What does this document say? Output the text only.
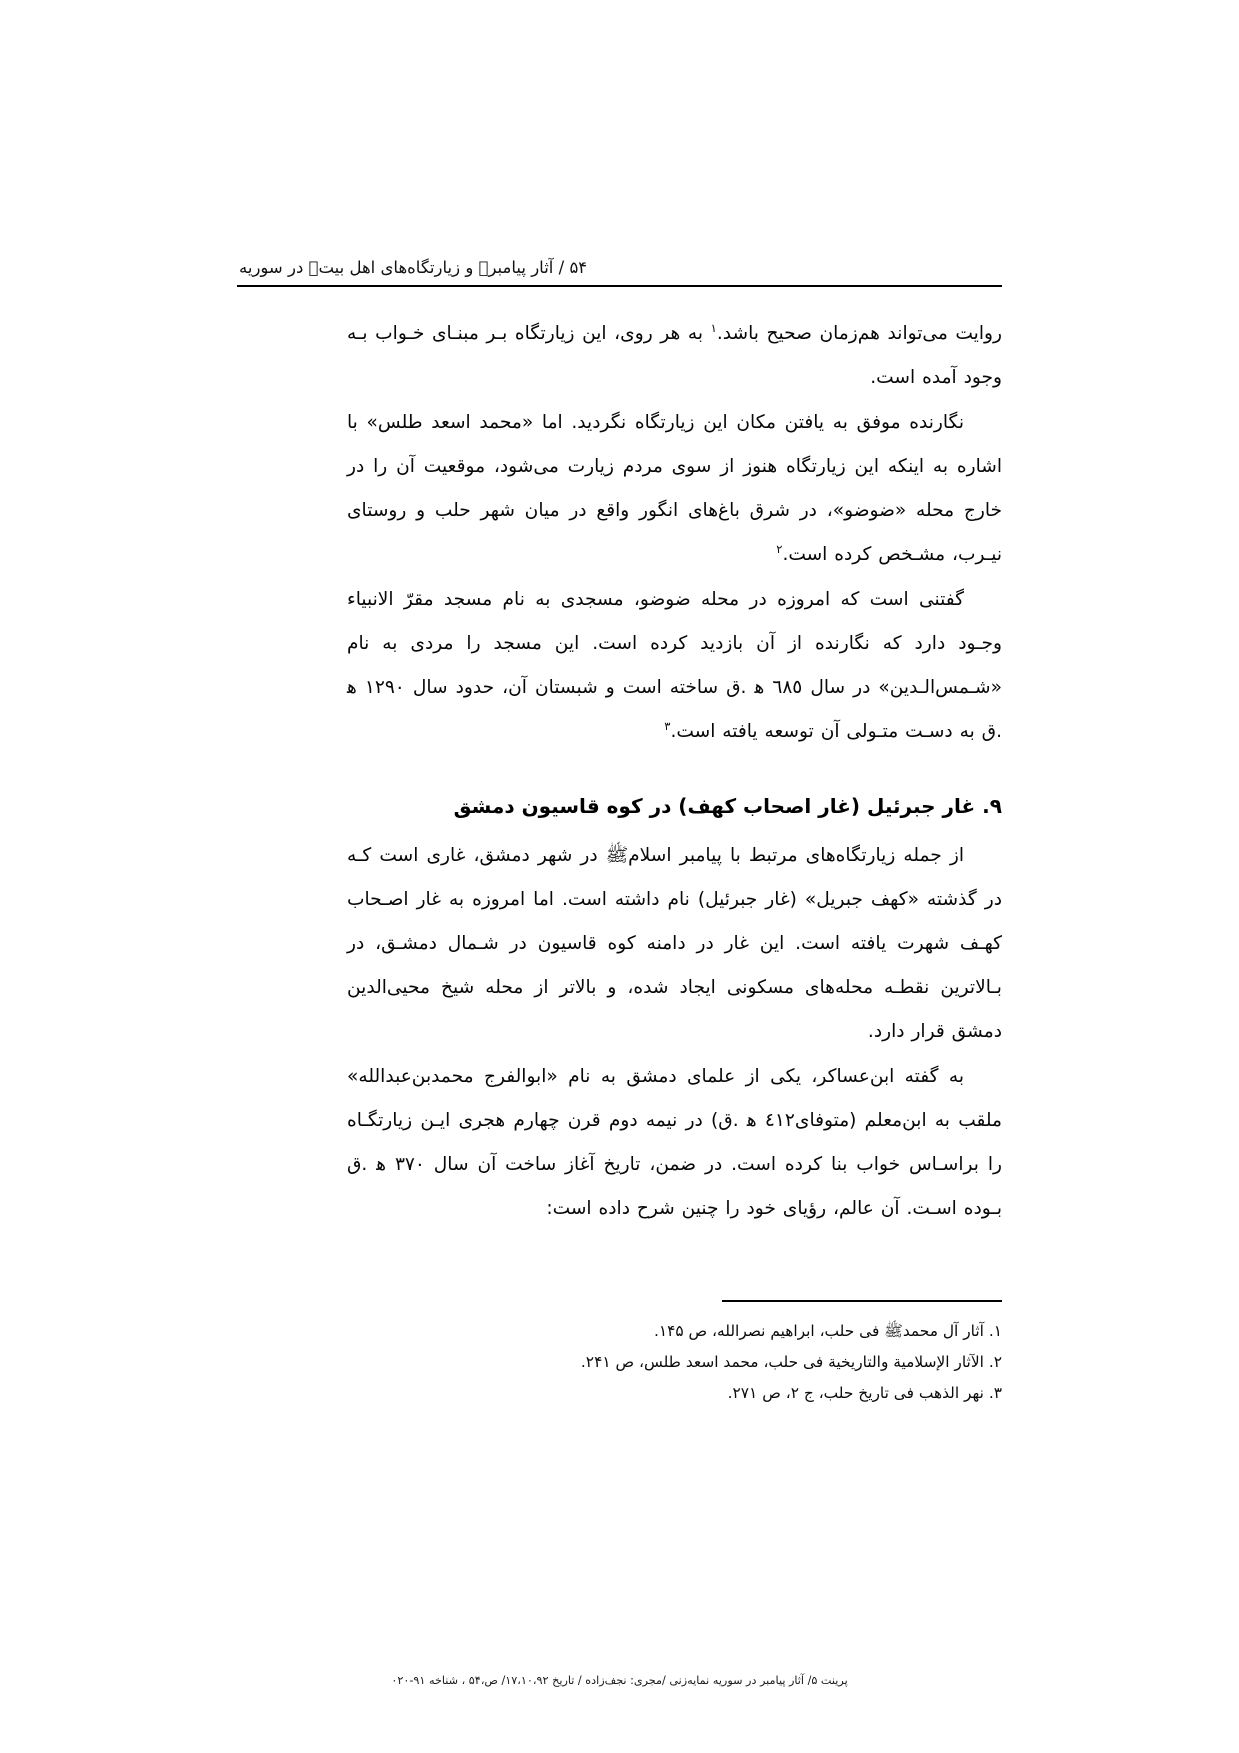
۵۴ / آثار پیامبرﷺ و زیارتگاه‌های اهل بیتؑ در سوریه

روایت می‌تواند هم‌زمان صحیح باشد.$^۱$ به هر روی، این زیارتگاه بـر مبنـای خـواب بـه وجود آمده است.

نگارنده موفق به یافتن مکان این زیارتگاه نگردید. اما «محمد اسعد طلس» با اشاره به اینکه این زیارتگاه هنوز از سوی مردم زیارت می‌شود، موقعیت آن را در خارج محله «ضوضو»، در شرق باغ‌های انگور واقع در میان شهر حلب و روستای نیـرب، مشـخص کرده است.$^۲$

گفتنی است که امروزه در محله ضوضو، مسجدی به نام مسجد مقرّ الانبیاء وجـود دارد که نگارنده از آن بازدید کرده است. این مسجد را مردی به نام «شـمس‌الـدین» در سال ٦٨٥ ه‍ .ق ساخته است و شبستان آن، حدود سال ۱۲۹۰ ه‍ .ق به دسـت متـولی آن توسعه یافته است.$^۳$

۹. غار جبرئیل (غار اصحاب کهف) در کوه قاسیون دمشق

از جمله زیارتگاه‌های مرتبط با پیامبر اسلامﷺ در شهر دمشق، غاری است کـه در گذشته «کهف جبریل» (غار جبرئیل) نام داشته است. اما امروزه به غار اصـحاب کهـف شهرت یافته است. این غار در دامنه کوه قاسیون در شـمال دمشـق، در بـالاترین نقطـه محله‌های مسکونی ایجاد شده، و بالاتر از محله شیخ محیی‌الدین دمشق قرار دارد.

به گفته ابن‌عساکر، یکی از علمای دمشق به نام «ابوالفرج محمدبن‌عبدالله» ملقب به ابن‌معلم (متوفای٤١۲ ه‍ .ق) در نیمه دوم قرن چهارم هجری ایـن زیارتگـاه را براسـاس خواب بنا کرده است. در ضمن، تاریخ آغاز ساخت آن سال ۳۷۰ ه‍ .ق بـوده اسـت. آن عالم، رؤیای خود را چنین شرح داده است:

۱. آثار آل محمدﷺ فی حلب، ابراهیم نصرالله، ص ۱۴۵.
۲. الآثار الإسلامیة والتاریخیة فی حلب، محمد اسعد طلس، ص ۲۴۱.
۳. نهر الذهب فی تاریخ حلب، ج ۲، ص ۲۷۱.
پرینت ۵/ آثار پیامبر در سوریه نمایه‌زنی /مجری: نجف‌زاده / تاریخ ۱۷،۱۰،۹۲/ ص،۵۴ ، شناخه ۹۱-۰۲۰
